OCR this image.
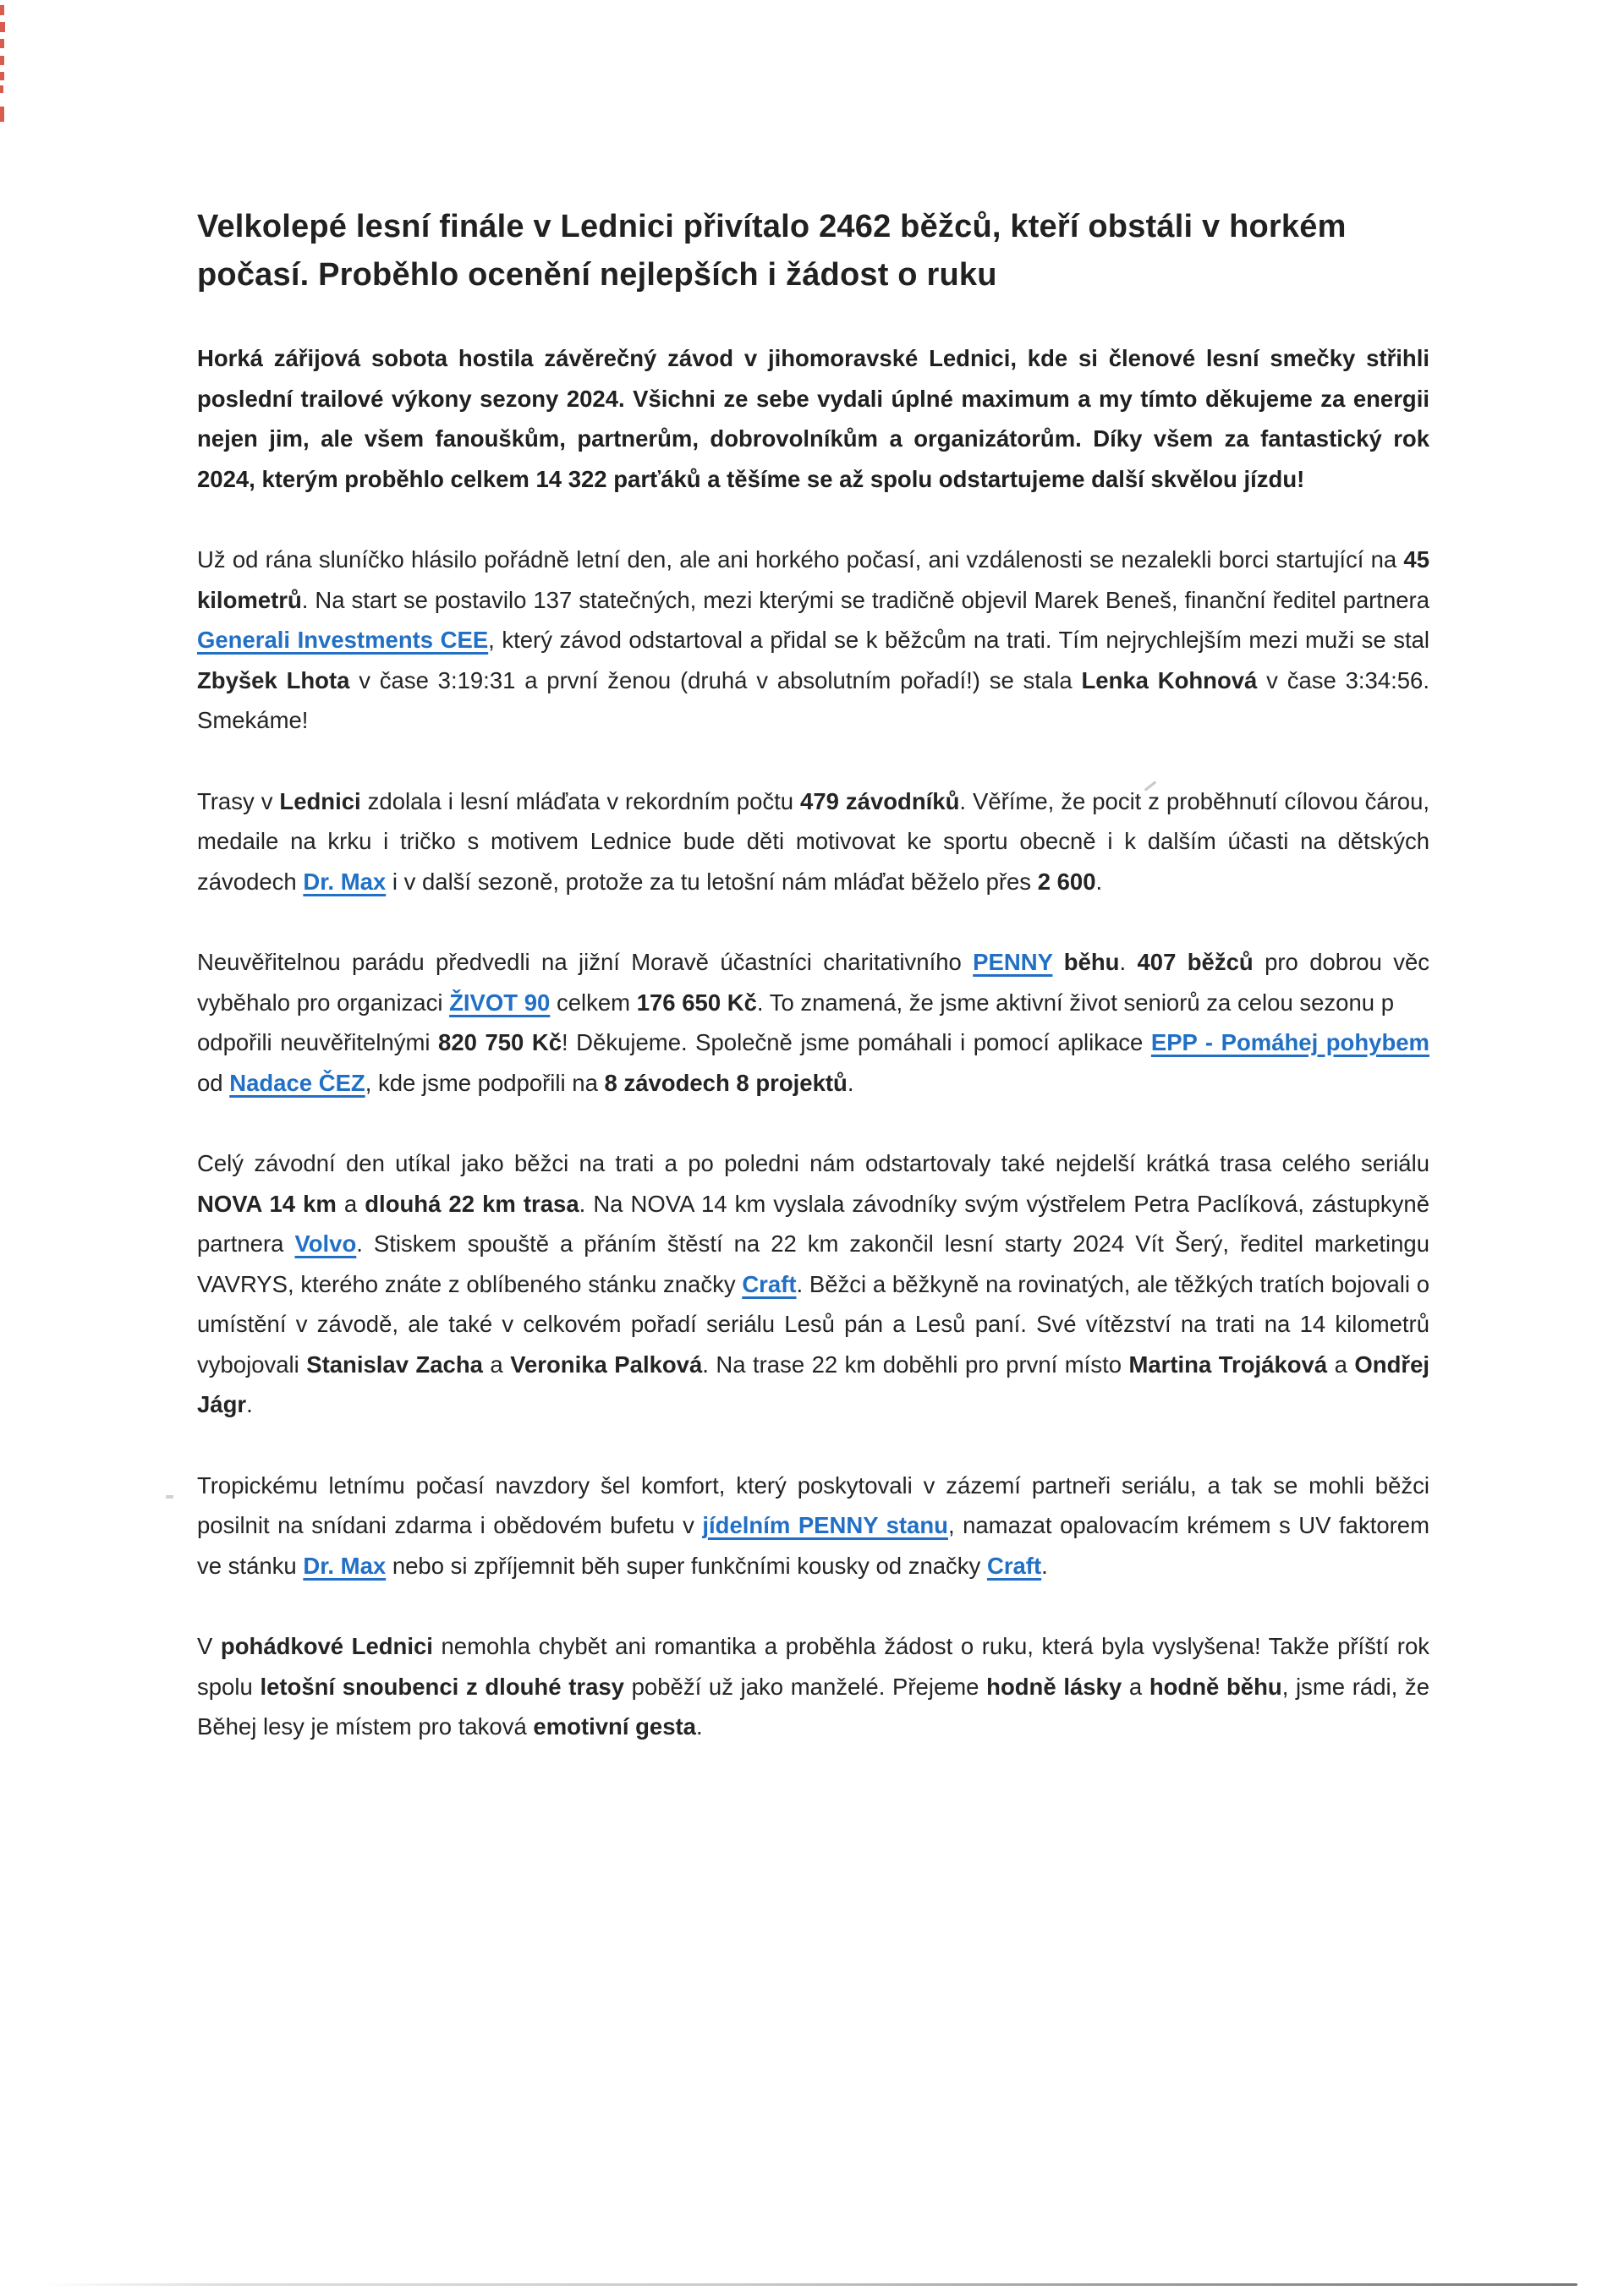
Velkolepé lesní finále v Lednici přivítalo 2462 běžců, kteří obstáli v horkém
počasí. Proběhlo ocenění nejlepších i žádost o ruku

Horká zářijová sobota hostila závěrečný závod v jihomoravské Lednici, kde si členové lesní smečky střihli poslední trailové výkony sezony 2024. Všichni ze sebe vydali úplné maximum a my tímto děkujeme za energii nejen jim, ale všem fanouškům, partnerům, dobrovolníkům a organizátorům. Díky všem za fantastický rok 2024, kterým proběhlo celkem 14 322 parťáků a těšíme se až spolu odstartujeme další skvělou jízdu!

Už od rána sluníčko hlásilo pořádně letní den, ale ani horkého počasí, ani vzdálenosti se nezalekli borci startující na 45 kilometrů. Na start se postavilo 137 statečných, mezi kterými se tradičně objevil Marek Beneš, finanční ředitel partnera Generali Investments CEE, který závod odstartoval a přidal se k běžcům na trati. Tím nejrychlejším mezi muži se stal Zbyšek Lhota v čase 3:19:31 a první ženou (druhá v absolutním pořadí!) se stala Lenka Kohnová v čase 3:34:56. Smekáme!

Trasy v Lednici zdolala i lesní mláďata v rekordním počtu 479 závodníků. Věříme, že pocit z proběhnutí cílovou čárou, medaile na krku i tričko s motivem Lednice bude děti motivovat ke sportu obecně i k dalším účasti na dětských závodech Dr. Max i v další sezoně, protože za tu letošní nám mláďat běželo přes 2 600.

Neuvěřitelnou parádu předvedli na jižní Moravě účastníci charitativního PENNY běhu. 407 běžců pro dobrou věc vyběhalo pro organizaci ŽIVOT 90 celkem 176 650 Kč. To znamená, že jsme aktivní život seniorů za celou sezonu p
odpořili neuvěřitelnými 820 750 Kč! Děkujeme. Společně jsme pomáhali i pomocí aplikace EPP - Pomáhej pohybem od Nadace ČEZ, kde jsme podpořili na 8 závodech 8 projektů.

Celý závodní den utíkal jako běžci na trati a po poledni nám odstartovaly také nejdelší krátká trasa celého seriálu NOVA 14 km a dlouhá 22 km trasa. Na NOVA 14 km vyslala závodníky svým výstřelem Petra Paclíková, zástupkyně partnera Volvo. Stiskem spouště a přáním štěstí na 22 km zakončil lesní starty 2024 Vít Šerý, ředitel marketingu VAVRYS, kterého znáte z oblíbeného stánku značky Craft. Běžci a běžkyně na rovinatých, ale těžkých tratích bojovali o umístění v závodě, ale také v celkovém pořadí seriálu Lesů pán a Lesů paní. Své vítězství na trati na 14 kilometrů vybojovali Stanislav Zacha a Veronika Palková. Na trase 22 km doběhli pro první místo Martina Trojáková a Ondřej Jágr.

Tropickému letnímu počasí navzdory šel komfort, který poskytovali v zázemí partneři seriálu, a tak se mohli běžci posilnit na snídani zdarma i obědovém bufetu v jídelním PENNY stanu, namazat opalovacím krémem s UV faktorem ve stánku Dr. Max nebo si zpříjemnit běh super funkčními kousky od značky Craft.

V pohádkové Lednici nemohla chybět ani romantika a proběhla žádost o ruku, která byla vyslyšena! Takže příští rok spolu letošní snoubenci z dlouhé trasy poběží už jako manželé. Přejeme hodně lásky a hodně běhu, jsme rádi, že Běhej lesy je místem pro taková emotivní gesta.
